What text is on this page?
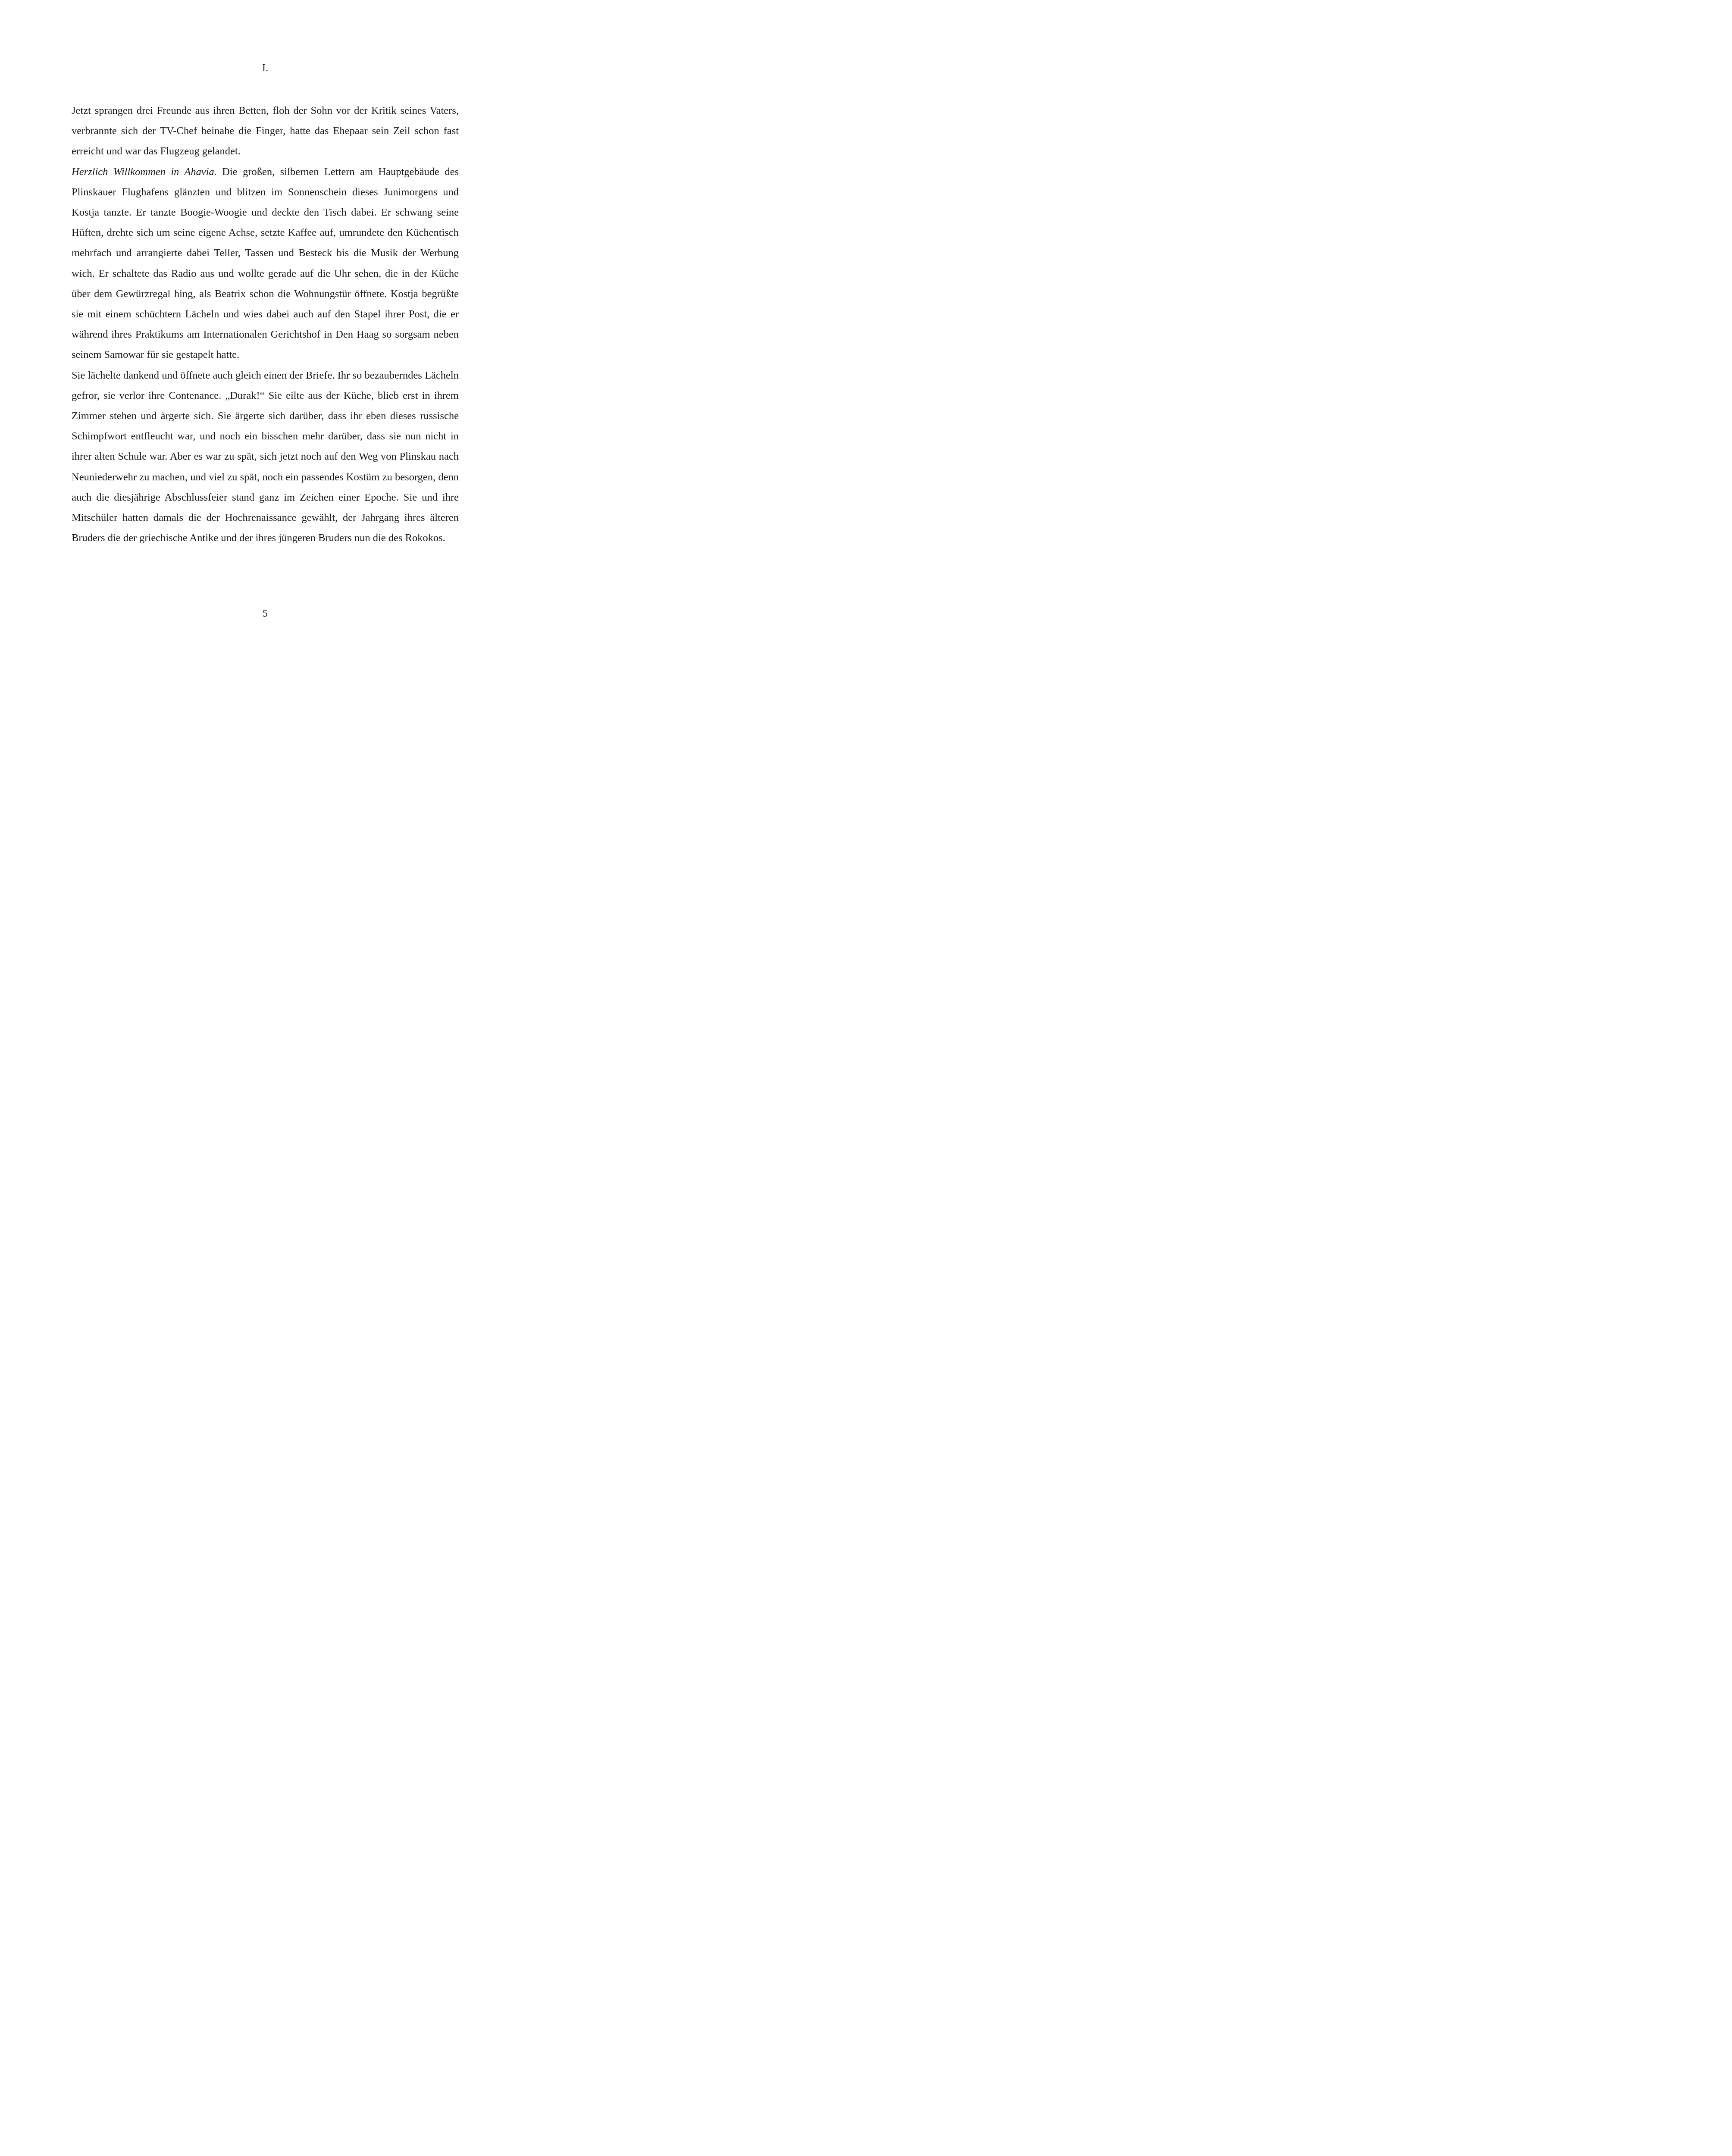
I.

Jetzt sprangen drei Freunde aus ihren Betten, floh der Sohn vor der Kritik seines Vaters, verbrannte sich der TV-Chef beinahe die Finger, hatte das Ehepaar sein Zeil schon fast erreicht und war das Flugzeug gelandet.

Herzlich Willkommen in Ahavia. Die großen, silbernen Lettern am Hauptgebäude des Plinskauer Flughafens glänzten und blitzen im Sonnenschein dieses Junimorgens und Kostja tanzte. Er tanzte Boogie-Woogie und deckte den Tisch dabei. Er schwang seine Hüften, drehte sich um seine eigene Achse, setzte Kaffee auf, umrundete den Küchentisch mehrfach und arrangierte dabei Teller, Tassen und Besteck bis die Musik der Werbung wich. Er schaltete das Radio aus und wollte gerade auf die Uhr sehen, die in der Küche über dem Gewürzregal hing, als Beatrix schon die Wohnungstür öffnete. Kostja begrüßte sie mit einem schüchtern Lächeln und wies dabei auch auf den Stapel ihrer Post, die er während ihres Praktikums am Internationalen Gerichtshof in Den Haag so sorgsam neben seinem Samowar für sie gestapelt hatte.

Sie lächelte dankend und öffnete auch gleich einen der Briefe. Ihr so bezauberndes Lächeln gefror, sie verlor ihre Contenance. „Durak!“ Sie eilte aus der Küche, blieb erst in ihrem Zimmer stehen und ärgerte sich. Sie ärgerte sich darüber, dass ihr eben dieses russische Schimpfwort entfleucht war, und noch ein bisschen mehr darüber, dass sie nun nicht in ihrer alten Schule war. Aber es war zu spät, sich jetzt noch auf den Weg von Plinskau nach Neuniederwehr zu machen, und viel zu spät, noch ein passendes Kostüm zu besorgen, denn auch die diesjährige Abschlussfeier stand ganz im Zeichen einer Epoche. Sie und ihre Mitschüler hatten damals die der Hochrenaissance gewählt, der Jahrgang ihres älteren Bruders die der griechische Antike und der ihres jüngeren Bruders nun die des Rokokos.

5
